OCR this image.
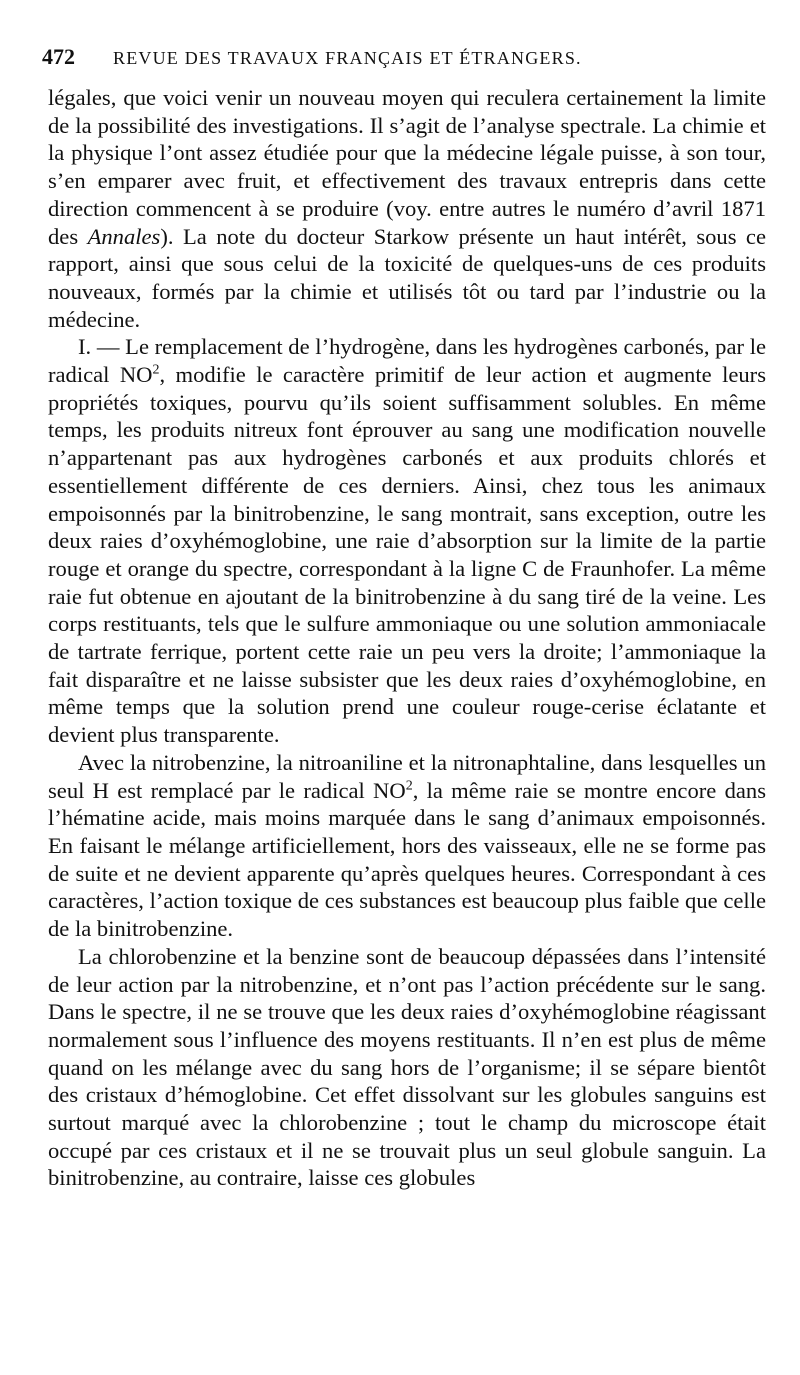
472 REVUE DES TRAVAUX FRANÇAIS ET ÉTRANGERS.

légales, que voici venir un nouveau moyen qui reculera certainement la limite de la possibilité des investigations. Il s’agit de l’analyse spectrale. La chimie et la physique l’ont assez étudiée pour que la médecine légale puisse, à son tour, s’en emparer avec fruit, et effectivement des travaux entrepris dans cette direction commencent à se produire (voy. entre autres le numéro d’avril 1871 des Annales). La note du docteur Starkow présente un haut intérêt, sous ce rapport, ainsi que sous celui de la toxicité de quelques-uns de ces produits nouveaux, formés par la chimie et utilisés tôt ou tard par l’industrie ou la médecine.

I. — Le remplacement de l’hydrogène, dans les hydrogènes carbonés, par le radical $NO^2$, modifie le caractère primitif de leur action et augmente leurs propriétés toxiques, pourvu qu’ils soient suffisamment solubles. En même temps, les produits nitreux font éprouver au sang une modification nouvelle n’appartenant pas aux hydrogènes carbonés et aux produits chlorés et essentiellement différente de ces derniers. Ainsi, chez tous les animaux empoisonnés par la binitrobenzine, le sang montrait, sans exception, outre les deux raies d’oxyhémoglobine, une raie d’absorption sur la limite de la partie rouge et orange du spectre, correspondant à la ligne C de Fraunhofer. La même raie fut obtenue en ajoutant de la binitrobenzine à du sang tiré de la veine. Les corps restituants, tels que le sulfure ammoniaque ou une solution ammoniacale de tartrate ferrique, portent cette raie un peu vers la droite; l’ammoniaque la fait disparaître et ne laisse subsister que les deux raies d’oxyhémoglobine, en même temps que la solution prend une couleur rouge-cerise éclatante et devient plus transparente.

Avec la nitrobenzine, la nitroaniline et la nitronaphtaline, dans lesquelles un seul H est remplacé par le radical $NO^2$, la même raie se montre encore dans l’hématine acide, mais moins marquée dans le sang d’animaux empoisonnés. En faisant le mélange artificiellement, hors des vaisseaux, elle ne se forme pas de suite et ne devient apparente qu’après quelques heures. Correspondant à ces caractères, l’action toxique de ces substances est beaucoup plus faible que celle de la binitrobenzine.

La chlorobenzine et la benzine sont de beaucoup dépassées dans l’intensité de leur action par la nitrobenzine, et n’ont pas l’action précédente sur le sang. Dans le spectre, il ne se trouve que les deux raies d’oxyhémoglobine réagissant normalement sous l’influence des moyens restituants. Il n’en est plus de même quand on les mélange avec du sang hors de l’organisme; il se sépare bientôt des cristaux d’hémoglobine. Cet effet dissolvant sur les globules sanguins est surtout marqué avec la chlorobenzine ; tout le champ du microscope était occupé par ces cristaux et il ne se trouvait plus un seul globule sanguin. La binitrobenzine, au contraire, laisse ces globules
